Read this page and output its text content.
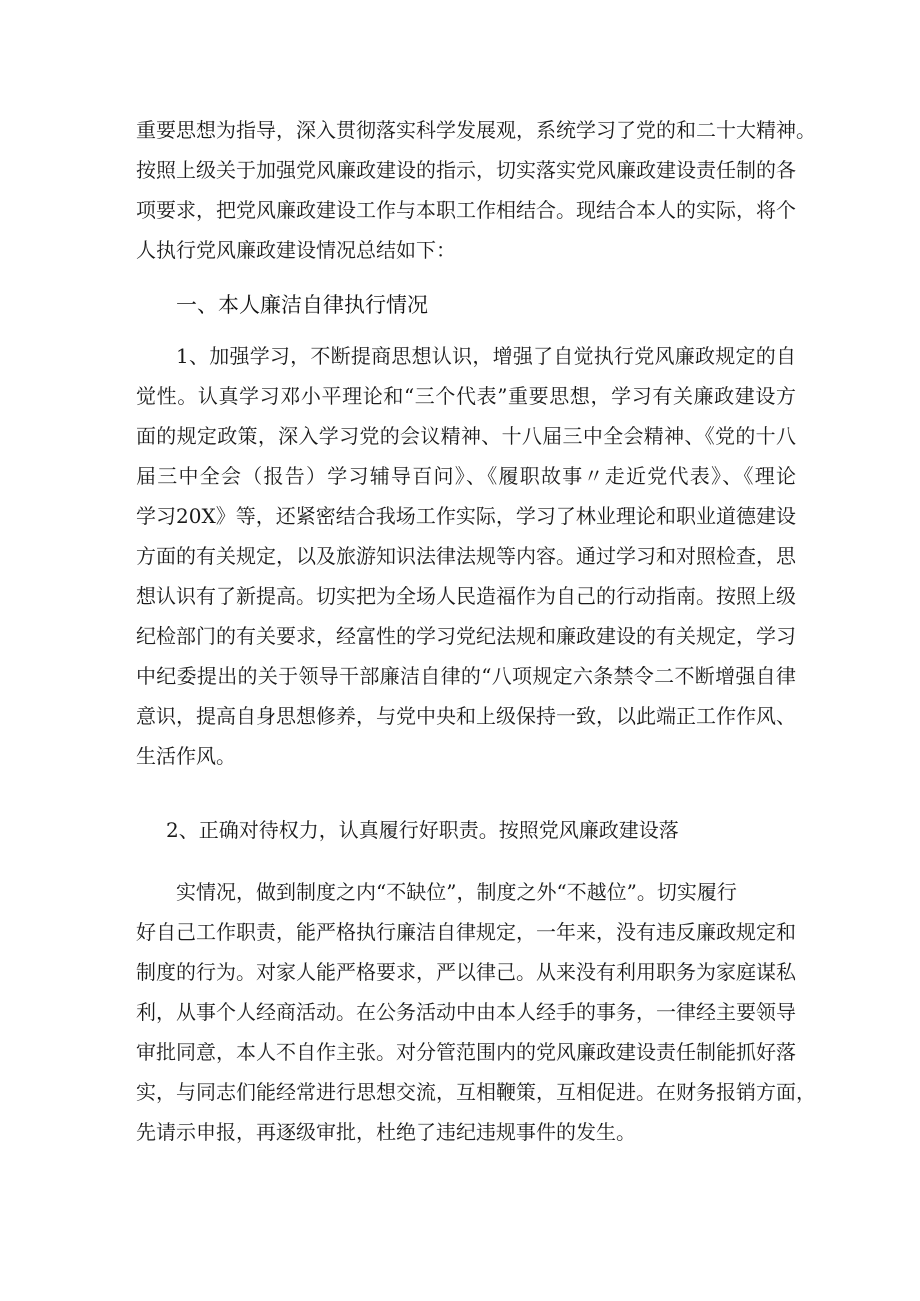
重要思想为指导，深入贯彻落实科学发展观，系统学习了党的和二十大精神。
按照上级关于加强党风廉政建设的指示，切实落实党风廉政建设责任制的各
项要求，把党风廉政建设工作与本职工作相结合。现结合本人的实际，将个
人执行党风廉政建设情况总结如下：
一、本人廉洁自律执行情况
1、加强学习，不断提商思想认识，增强了自觉执行党风廉政规定的自
觉性。认真学习邓小平理论和“三个代表”重要思想，学习有关廉政建设方
面的规定政策，深入学习党的会议精神、十八届三中全会精神、《党的十八
届三中全会（报告）学习辅导百问》、《履职故事〃走近党代表》、《理论
学习20X》等，还紧密结合我场工作实际，学习了林业理论和职业道德建设
方面的有关规定，以及旅游知识法律法规等内容。通过学习和对照检查，思
想认识有了新提高。切实把为全场人民造福作为自己的行动指南。按照上级
纪检部门的有关要求，经富性的学习党纪法规和廉政建设的有关规定，学习
中纪委提出的关于领导干部廉洁自律的“八项规定六条禁令二不断增强自律
意识，提高自身思想修养，与党中央和上级保持一致，以此端正工作作风、
生活作风。
2、正确对待权力，认真履行好职责。按照党风廉政建设落
实情况，做到制度之内“不缺位”，制度之外“不越位”。切实履行
好自己工作职责，能严格执行廉洁自律规定，一年来，没有违反廉政规定和
制度的行为。对家人能严格要求，严以律己。从来没有利用职务为家庭谋私
利，从事个人经商活动。在公务活动中由本人经手的事务，一律经主要领导
审批同意，本人不自作主张。对分管范围内的党风廉政建设责任制能抓好落
实，与同志们能经常进行思想交流，互相鞭策，互相促进。在财务报销方面，
先请示申报，再逐级审批，杜绝了违纪违规事件的发生。
